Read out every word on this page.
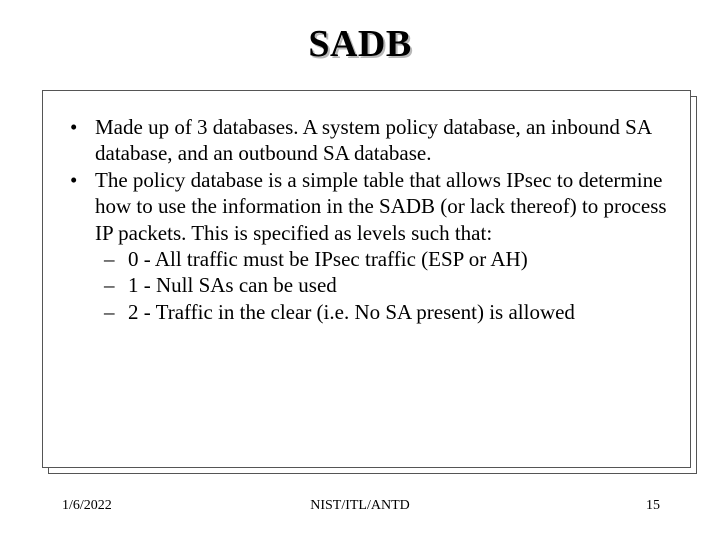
SADB
• Made up of 3 databases. A system policy database, an inbound SA database, and an outbound SA database.
• The policy database is a simple table that allows IPsec to determine how to use the information in the SADB (or lack thereof) to process IP packets. This is specified as levels such that:
– 0 - All traffic must be IPsec traffic (ESP or AH)
– 1 - Null SAs can be used
– 2 - Traffic in the clear (i.e. No SA present) is allowed
1/6/2022	NIST/ITL/ANTD	15
